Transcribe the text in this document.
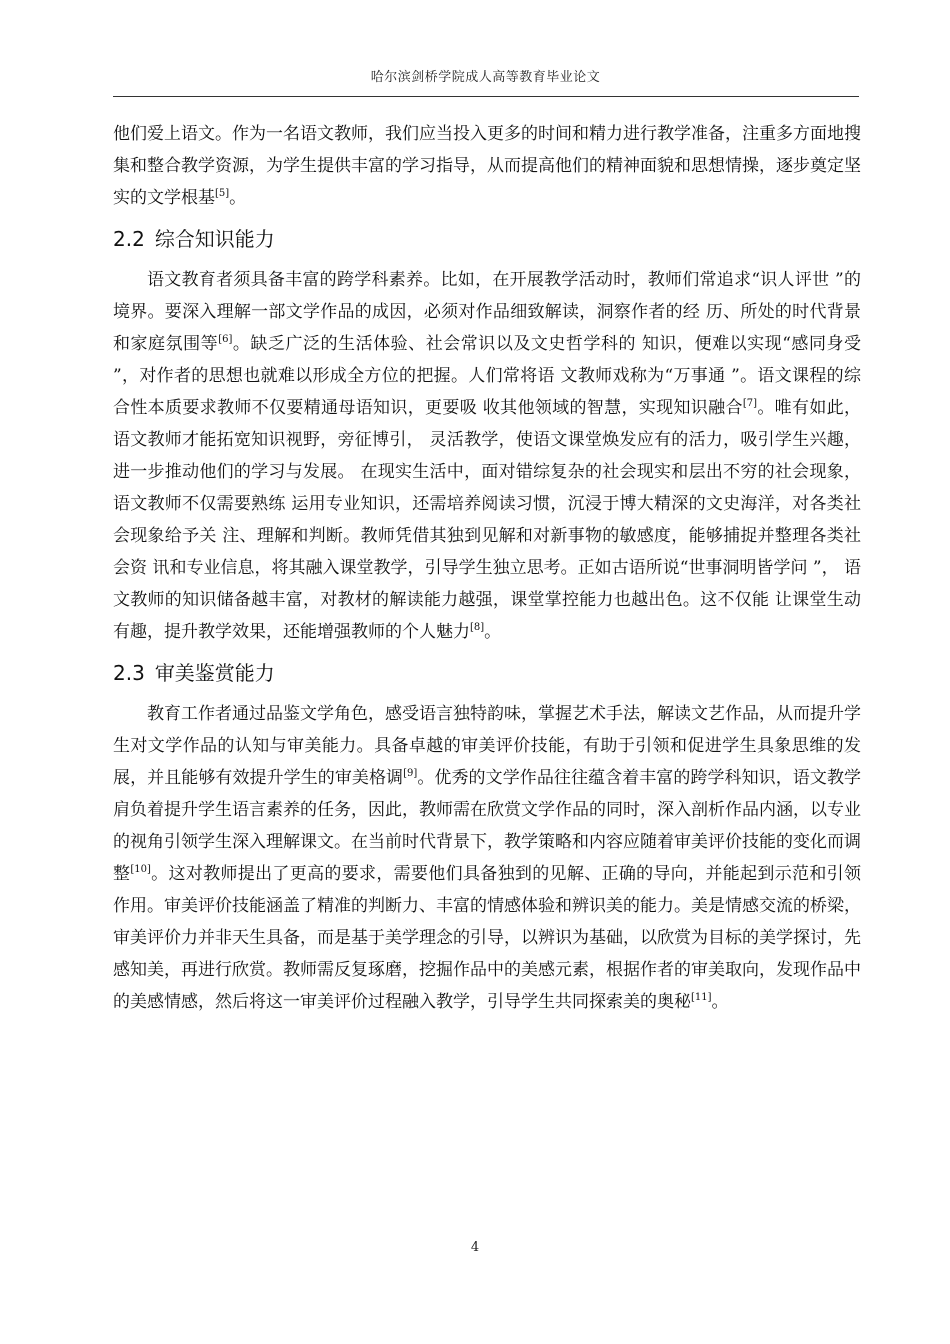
哈尔滨剑桥学院成人高等教育毕业论文

他们爱上语文。作为一名语文教师，我们应当投入更多的时间和精力进行教学准备，注重多方面地搜集和整合教学资源，为学生提供丰富的学习指导，从而提高他们的精神面貌和思想情操，逐步奠定坚实的文学根基[5]。

2.2 综合知识能力

语文教育者须具备丰富的跨学科素养。比如，在开展教学活动时，教师们常追求“识人评世 ”的境界。要深入理解一部文学作品的成因，必须对作品细致解读，洞察作者的经 历、所处的时代背景和家庭氛围等[6]。缺乏广泛的生活体验、社会常识以及文史哲学科的 知识，便难以实现“感同身受 ”，对作者的思想也就难以形成全方位的把握。人们常将语 文教师戏称为“万事通 ”。语文课程的综合性本质要求教师不仅要精通母语知识，更要吸 收其他领域的智慧，实现知识融合[7]。唯有如此，语文教师才能拓宽知识视野，旁征博引， 灵活教学，使语文课堂焕发应有的活力，吸引学生兴趣，进一步推动他们的学习与发展。 在现实生活中，面对错综复杂的社会现实和层出不穷的社会现象，语文教师不仅需要熟练 运用专业知识，还需培养阅读习惯，沉浸于博大精深的文史海洋，对各类社会现象给予关 注、理解和判断。教师凭借其独到见解和对新事物的敏感度，能够捕捉并整理各类社会资 讯和专业信息，将其融入课堂教学，引导学生独立思考。正如古语所说“世事洞明皆学问 ”， 语文教师的知识储备越丰富，对教材的解读能力越强，课堂掌控能力也越出色。这不仅能 让课堂生动有趣，提升教学效果，还能增强教师的个人魅力[8]。

2.3 审美鉴赏能力

教育工作者通过品鉴文学角色，感受语言独特韵味，掌握艺术手法，解读文艺作品，从而提升学生对文学作品的认知与审美能力。具备卓越的审美评价技能，有助于引领和促进学生具象思维的发展，并且能够有效提升学生的审美格调[9]。优秀的文学作品往往蕴含着丰富的跨学科知识，语文教学肩负着提升学生语言素养的任务，因此，教师需在欣赏文学作品的同时，深入剖析作品内涵，以专业的视角引领学生深入理解课文。在当前时代背景下，教学策略和内容应随着审美评价技能的变化而调整[10]。这对教师提出了更高的要求，需要他们具备独到的见解、正确的导向，并能起到示范和引领作用。审美评价技能涵盖了精准的判断力、丰富的情感体验和辨识美的能力。美是情感交流的桥梁，审美评价力并非天生具备，而是基于美学理念的引导，以辨识为基础，以欣赏为目标的美学探讨，先感知美，再进行欣赏。教师需反复琢磨，挖掘作品中的美感元素，根据作者的审美取向，发现作品中的美感情感，然后将这一审美评价过程融入教学，引导学生共同探索美的奥秘[11]。

4
